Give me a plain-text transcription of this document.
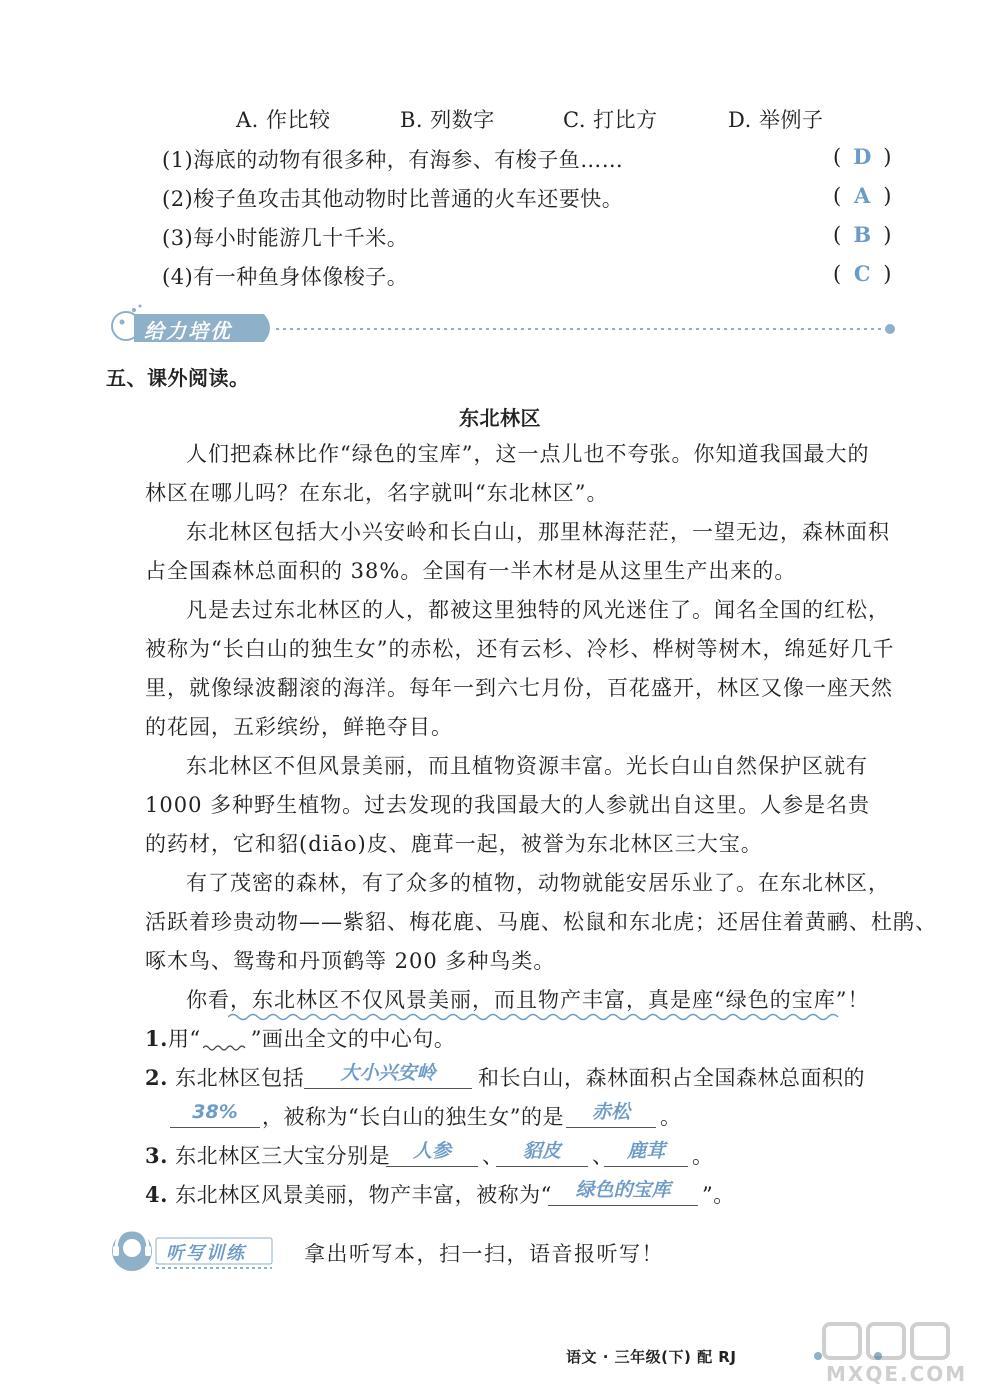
A. 作比较	B. 列数字	C. 打比方	D. 举例子
(1)海底的动物有很多种，有海参、有梭子鱼……	( D )
(2)梭子鱼攻击其他动物时比普通的火车还要快。	( A )
(3)每小时能游几十千米。	( B )
(4)有一种鱼身体像梭子。	( C )
给力培优
五、课外阅读。
东北林区
人们把森林比作“绿色的宝库”，这一点儿也不夸张。你知道我国最大的
林区在哪儿吗？在东北，名字就叫“东北林区”。
东北林区包括大小兴安岭和长白山，那里林海茫茫，一望无边，森林面积
占全国森林总面积的 38%。全国有一半木材是从这里生产出来的。
凡是去过东北林区的人，都被这里独特的风光迷住了。闻名全国的红松，
被称为“长白山的独生女”的赤松，还有云杉、冷杉、桦树等树木，绵延好几千
里，就像绿波翻滚的海洋。每年一到六七月份，百花盛开，林区又像一座天然
的花园，五彩缤纷，鲜艳夺目。
东北林区不但风景美丽，而且植物资源丰富。光长白山自然保护区就有
1000 多种野生植物。过去发现的我国最大的人参就出自这里。人参是名贵
的药材，它和貂(diāo)皮、鹿茸一起，被誉为东北林区三大宝。
有了茂密的森林，有了众多的植物，动物就能安居乐业了。在东北林区，
活跃着珍贵动物——紫貂、梅花鹿、马鹿、松鼠和东北虎；还居住着黄鹂、杜鹃、
啄木鸟、鸳鸯和丹顶鹤等 200 多种鸟类。
你看，东北林区不仅风景美丽，而且物产丰富，真是座“绿色的宝库”！
1.用“ ”画出全文的中心句。
2. 东北林区包括	大小兴安岭	和长白山，森林面积占全国森林总面积的
38%	，被称为“长白山的独生女”的是	赤松	。
3. 东北林区三大宝分别是	人参	、	貂皮	、 鹿茸	。
4. 东北林区风景美丽，物产丰富，被称为“	绿色的宝库	”。
听写训练	拿出听写本，扫一扫，语音报听写！
语文 · 三年级(下) 配 RJ
MXQE.COM
